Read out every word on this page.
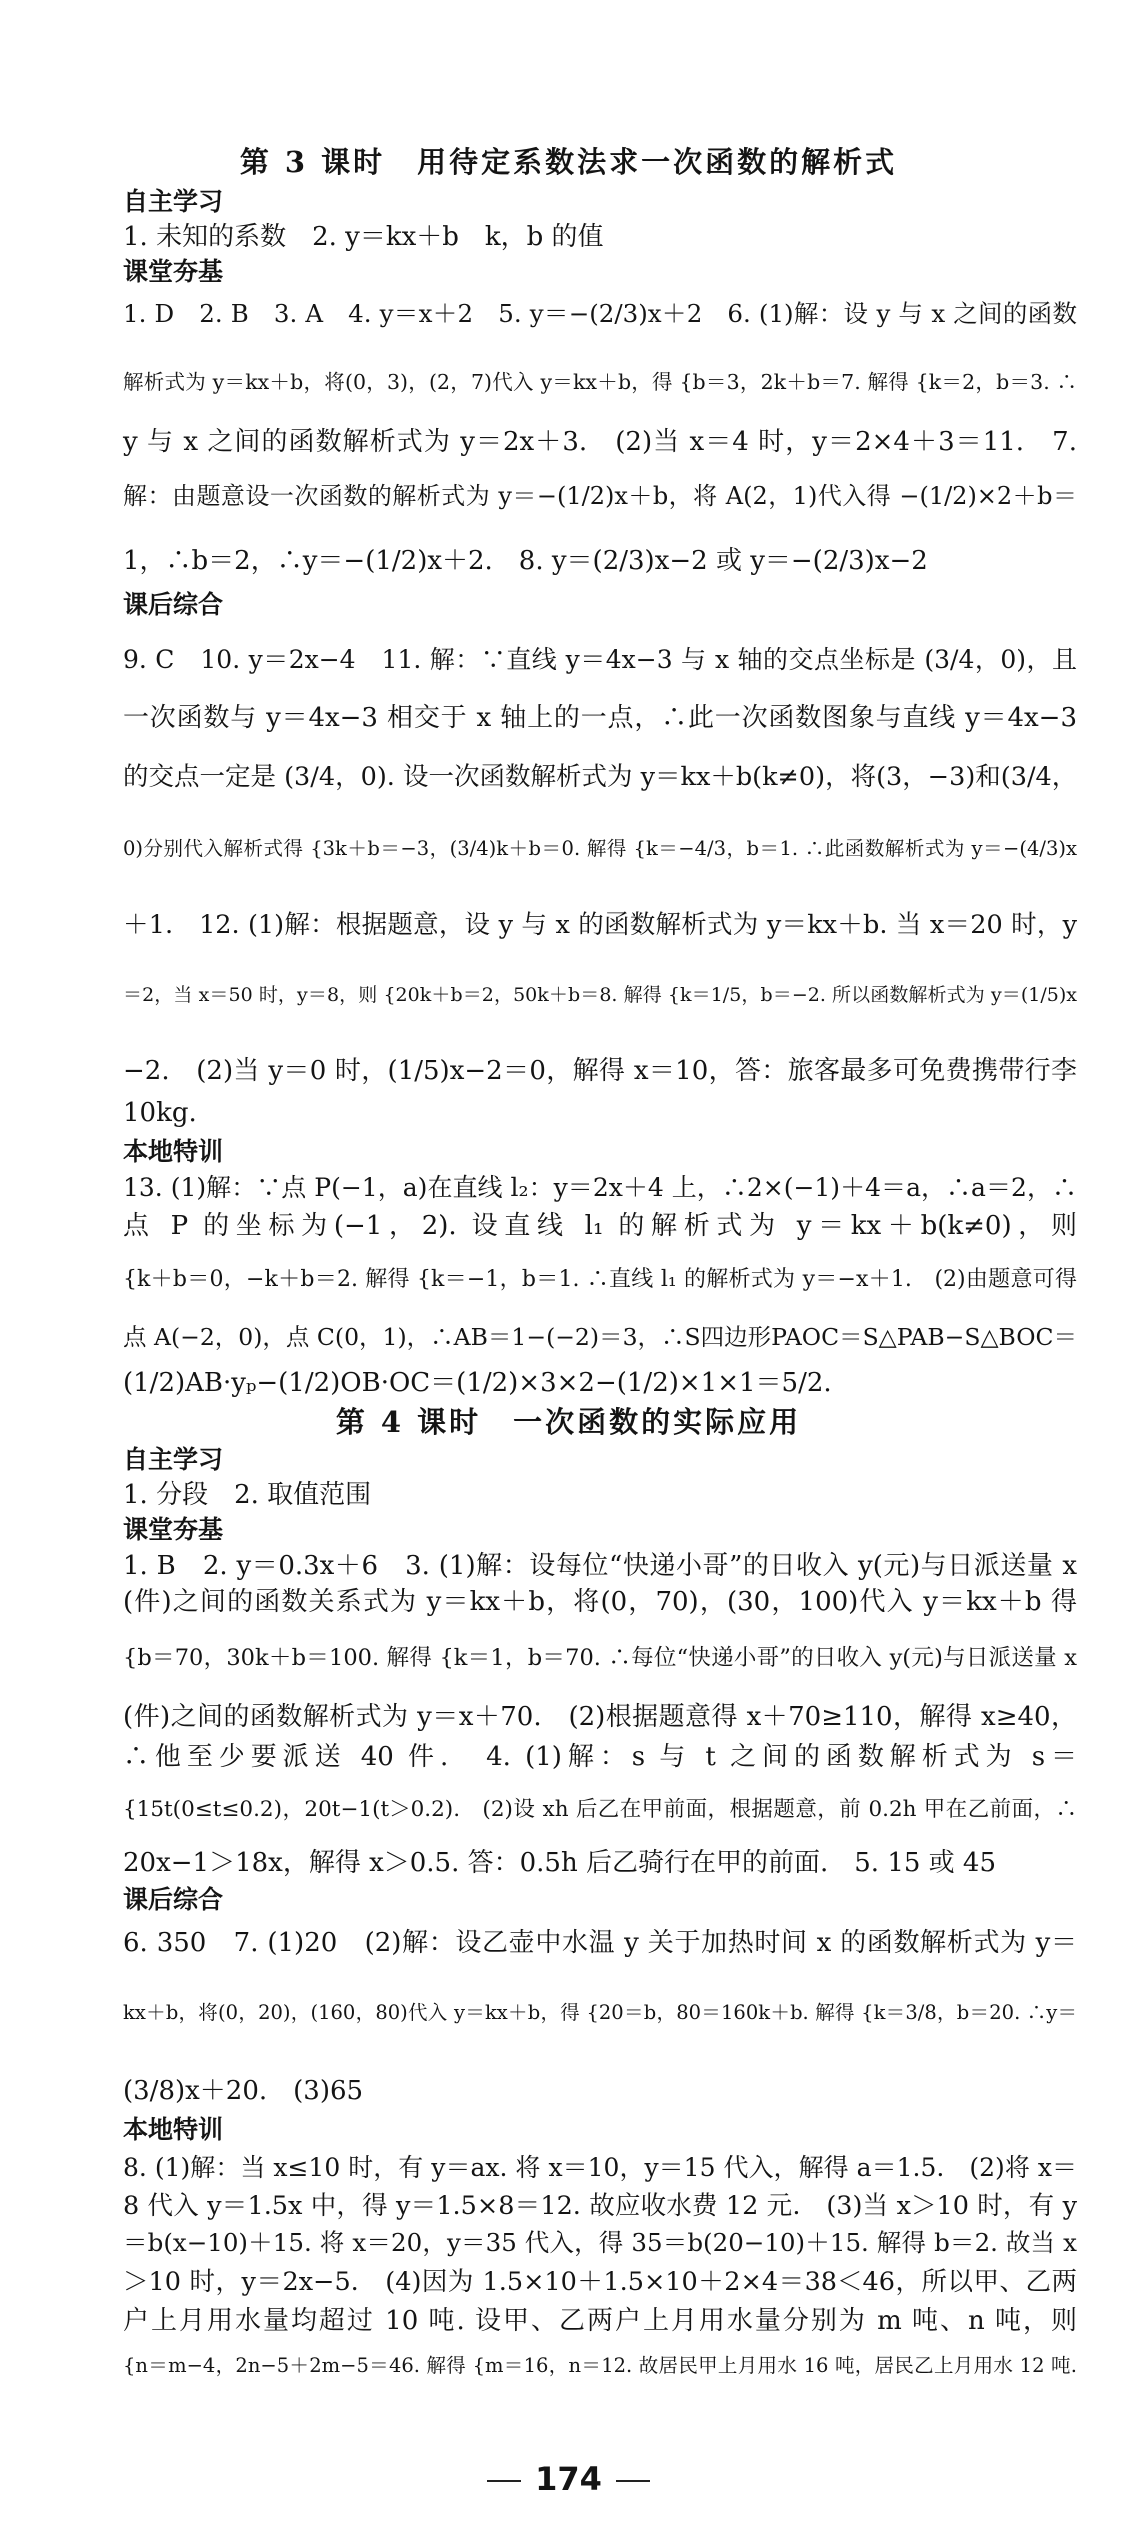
第 3 课时　用待定系数法求一次函数的解析式
自主学习
1. 未知的系数　2. y＝kx＋b　k，b 的值
课堂夯基
1. D　2. B　3. A　4. y＝x＋2　5. y＝−(2/3)x＋2　6. (1)解：设 y 与 x 之间的函数
解析式为 y＝kx＋b，将(0，3)，(2，7)代入 y＝kx＋b，得 {b＝3，2k＋b＝7. 解得 {k＝2，b＝3. ∴
y 与 x 之间的函数解析式为 y＝2x＋3.　(2)当 x＝4 时，y＝2×4＋3＝11.　7.
解：由题意设一次函数的解析式为 y＝−(1/2)x＋b，将 A(2，1)代入得 −(1/2)×2＋b＝
1，∴b＝2，∴y＝−(1/2)x＋2.　8. y＝(2/3)x−2 或 y＝−(2/3)x−2
课后综合
9. C　10. y＝2x−4　11. 解：∵直线 y＝4x−3 与 x 轴的交点坐标是 (3/4，0)，且
一次函数与 y＝4x−3 相交于 x 轴上的一点，∴此一次函数图象与直线 y＝4x−3
的交点一定是 (3/4，0). 设一次函数解析式为 y＝kx＋b(k≠0)，将(3，−3)和(3/4，
0)分别代入解析式得 {3k＋b＝−3，(3/4)k＋b＝0. 解得 {k＝−4/3，b＝1. ∴此函数解析式为 y＝−(4/3)x
＋1.　12. (1)解：根据题意，设 y 与 x 的函数解析式为 y＝kx＋b. 当 x＝20 时，y
＝2，当 x＝50 时，y＝8，则 {20k＋b＝2，50k＋b＝8. 解得 {k＝1/5，b＝−2. 所以函数解析式为 y＝(1/5)x
−2.　(2)当 y＝0 时，(1/5)x−2＝0，解得 x＝10，答：旅客最多可免费携带行李
10kg.
本地特训
13. (1)解：∵点 P(−1，a)在直线 l₂：y＝2x＋4 上，∴2×(−1)＋4＝a，∴a＝2，∴
点 P 的坐标为(−1，2). 设直线 l₁ 的解析式为 y＝kx＋b(k≠0)，则
{k＋b＝0，−k＋b＝2. 解得 {k＝−1，b＝1. ∴直线 l₁ 的解析式为 y＝−x＋1.　(2)由题意可得
点 A(−2，0)，点 C(0，1)，∴AB＝1−(−2)＝3，∴S四边形PAOC＝S△PAB−S△BOC＝
(1/2)AB·yₚ−(1/2)OB·OC＝(1/2)×3×2−(1/2)×1×1＝5/2.
第 4 课时　一次函数的实际应用
自主学习
1. 分段　2. 取值范围
课堂夯基
1. B　2. y＝0.3x＋6　3. (1)解：设每位“快递小哥”的日收入 y(元)与日派送量 x
(件)之间的函数关系式为 y＝kx＋b，将(0，70)，(30，100)代入 y＝kx＋b 得
{b＝70，30k＋b＝100. 解得 {k＝1，b＝70. ∴每位“快递小哥”的日收入 y(元)与日派送量 x
(件)之间的函数解析式为 y＝x＋70.　(2)根据题意得 x＋70≥110，解得 x≥40，
∴他至少要派送 40 件.　4. (1)解：s 与 t 之间的函数解析式为 s＝
{15t(0≤t≤0.2)，20t−1(t＞0.2).　(2)设 xh 后乙在甲前面，根据题意，前 0.2h 甲在乙前面，∴
20x−1＞18x，解得 x＞0.5. 答：0.5h 后乙骑行在甲的前面.　5. 15 或 45
课后综合
6. 350　7. (1)20　(2)解：设乙壶中水温 y 关于加热时间 x 的函数解析式为 y＝
kx＋b，将(0，20)，(160，80)代入 y＝kx＋b，得 {20＝b，80＝160k＋b. 解得 {k＝3/8，b＝20. ∴y＝
(3/8)x＋20.　(3)65
本地特训
8. (1)解：当 x≤10 时，有 y＝ax. 将 x＝10，y＝15 代入，解得 a＝1.5.　(2)将 x＝
8 代入 y＝1.5x 中，得 y＝1.5×8＝12. 故应收水费 12 元.　(3)当 x＞10 时，有 y
＝b(x−10)＋15. 将 x＝20，y＝35 代入，得 35＝b(20−10)＋15. 解得 b＝2. 故当 x
＞10 时，y＝2x−5.　(4)因为 1.5×10＋1.5×10＋2×4＝38＜46，所以甲、乙两
户上月用水量均超过 10 吨. 设甲、乙两户上月用水量分别为 m 吨、n 吨，则
{n＝m−4，2n−5＋2m−5＝46. 解得 {m＝16，n＝12. 故居民甲上月用水 16 吨，居民乙上月用水 12 吨.
174
